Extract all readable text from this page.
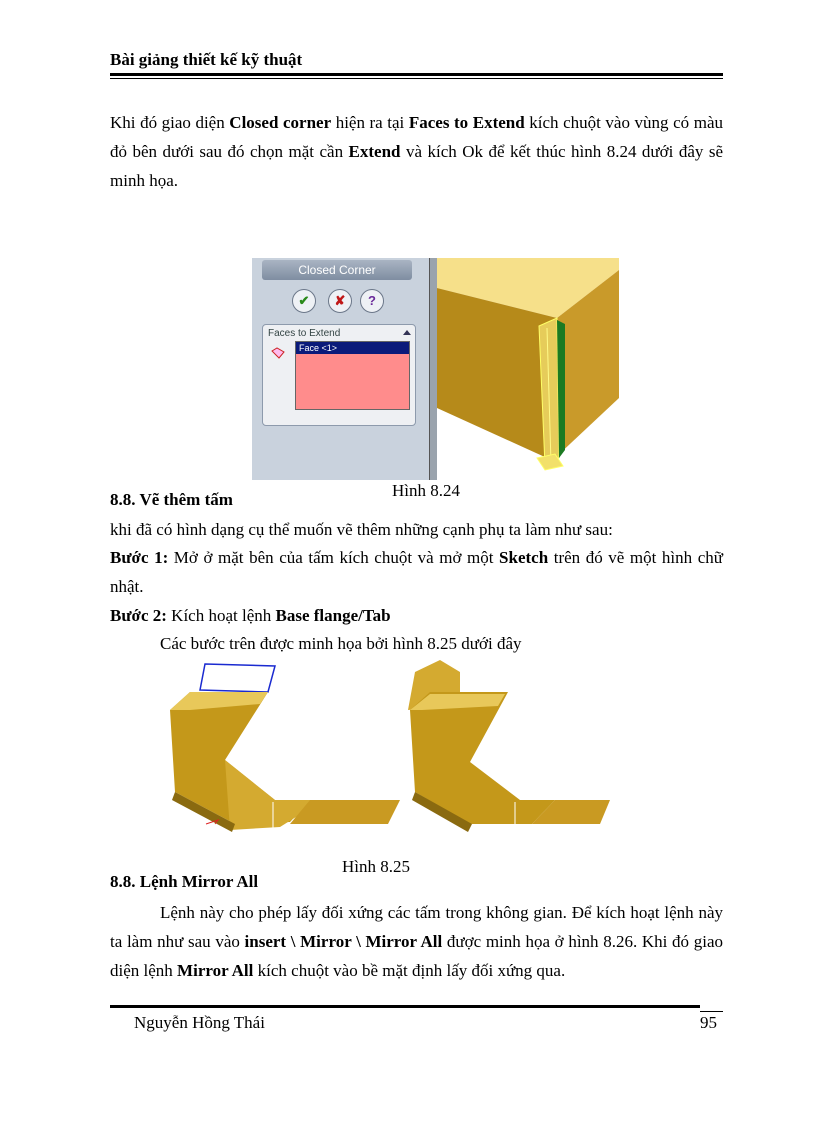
Bài giảng thiết kế kỹ thuật
Khi đó giao diện Closed corner hiện ra tại Faces to Extend kích chuột vào vùng có màu đỏ bên dưới sau đó chọn mặt cần Extend và kích Ok để kết thúc hình 8.24 dưới đây sẽ minh họa.
Closed Corner
✔	✘	?
Faces to Extend
Face <1>
Hình 8.24
8.8. Vẽ thêm tấm
khi đã có hình dạng cụ thể muốn vẽ thêm những cạnh phụ ta làm như sau:
Bước 1: Mở ở mặt bên của tấm kích chuột và mở một Sketch trên đó vẽ một hình chữ nhật.
Bước 2: Kích hoạt lệnh Base flange/Tab
Các bước trên được minh họa bởi hình 8.25 dưới đây
Hình 8.25
8.8. Lệnh Mirror All
Lệnh này cho phép lấy đối xứng các tấm trong không gian. Để kích hoạt lệnh này ta làm như sau vào insert \ Mirror \ Mirror All được minh họa ở hình 8.26. Khi đó giao diện lệnh Mirror All kích chuột vào bề mặt định lấy đối xứng qua.
Nguyễn Hồng Thái	95
